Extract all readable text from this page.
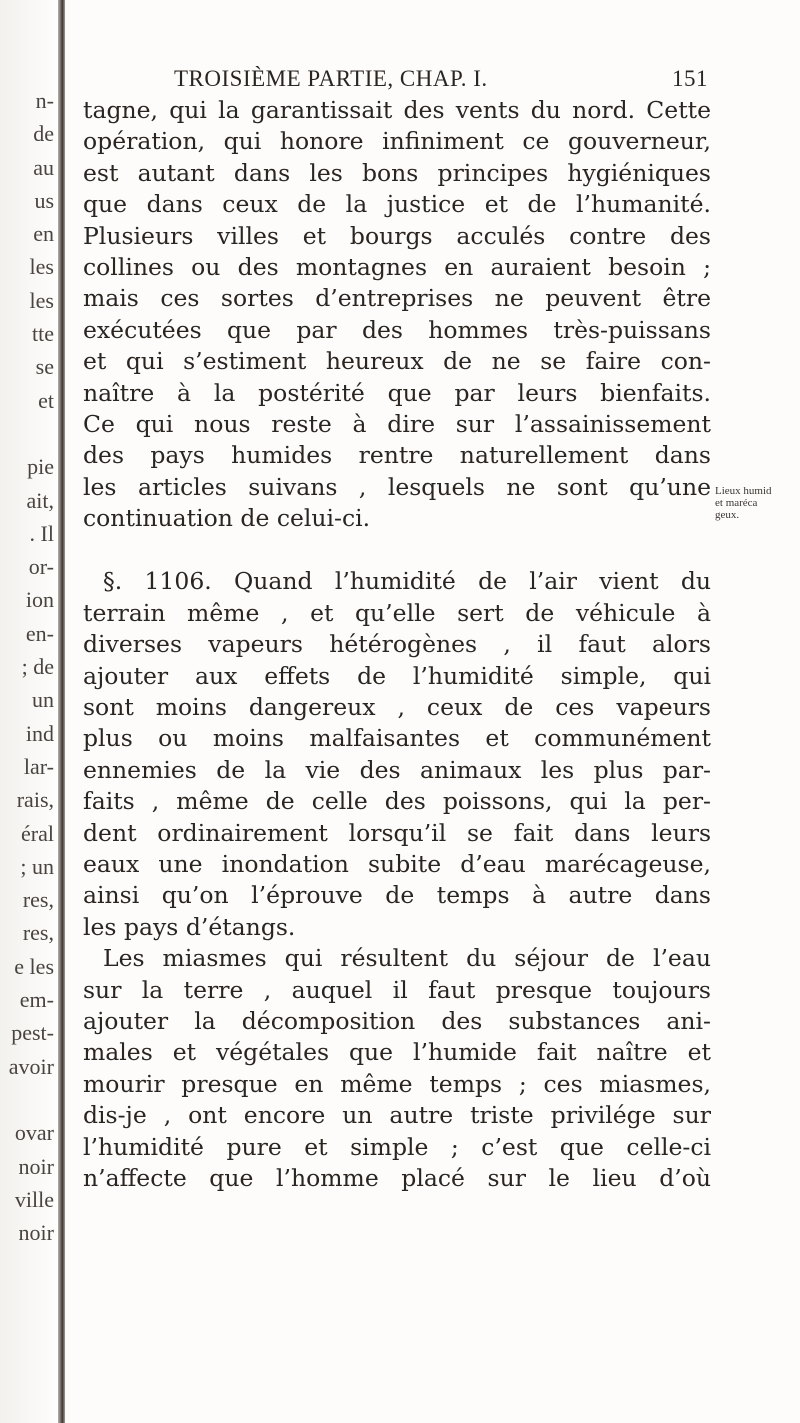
n-
de
au
us
en
les
les
tte
se
et
pie
ait,
. Il
or-
ion
en-
; de
un
ind
lar-
rais,
éral
; un
res,
res,
e les
em-
pest-
avoir
ovar
noir
ville
noir
TROISIÈME PARTIE, CHAP. I.	151
tagne, qui la garantissait des vents du nord. Cette
opération, qui honore infiniment ce gouverneur,
est autant dans les bons principes hygiéniques
que dans ceux de la justice et de l’humanité.
Plusieurs villes et bourgs acculés contre des
collines ou des montagnes en auraient besoin ;
mais ces sortes d’entreprises ne peuvent être
exécutées que par des hommes très-puissans
et qui s’estiment heureux de ne se faire con-
naître à la postérité que par leurs bienfaits.
Ce qui nous reste à dire sur l’assainissement
des pays humides rentre naturellement dans
les articles suivans , lesquels ne sont qu’une
continuation de celui-ci.
§. 1106. Quand l’humidité de l’air vient du
terrain même , et qu’elle sert de véhicule à
diverses vapeurs hétérogènes , il faut alors
ajouter aux effets de l’humidité simple, qui
sont moins dangereux , ceux de ces vapeurs
plus ou moins malfaisantes et communément
ennemies de la vie des animaux les plus par-
faits , même de celle des poissons, qui la per-
dent ordinairement lorsqu’il se fait dans leurs
eaux une inondation subite d’eau marécageuse,
ainsi qu’on l’éprouve de temps à autre dans
les pays d’étangs.
Les miasmes qui résultent du séjour de l’eau
sur la terre , auquel il faut presque toujours
ajouter la décomposition des substances ani-
males et végétales que l’humide fait naître et
mourir presque en même temps ; ces miasmes,
dis-je , ont encore un autre triste privilége sur
l’humidité pure et simple ; c’est que celle-ci
n’affecte que l’homme placé sur le lieu d’où
Lieux humid
et marécа
geux.
